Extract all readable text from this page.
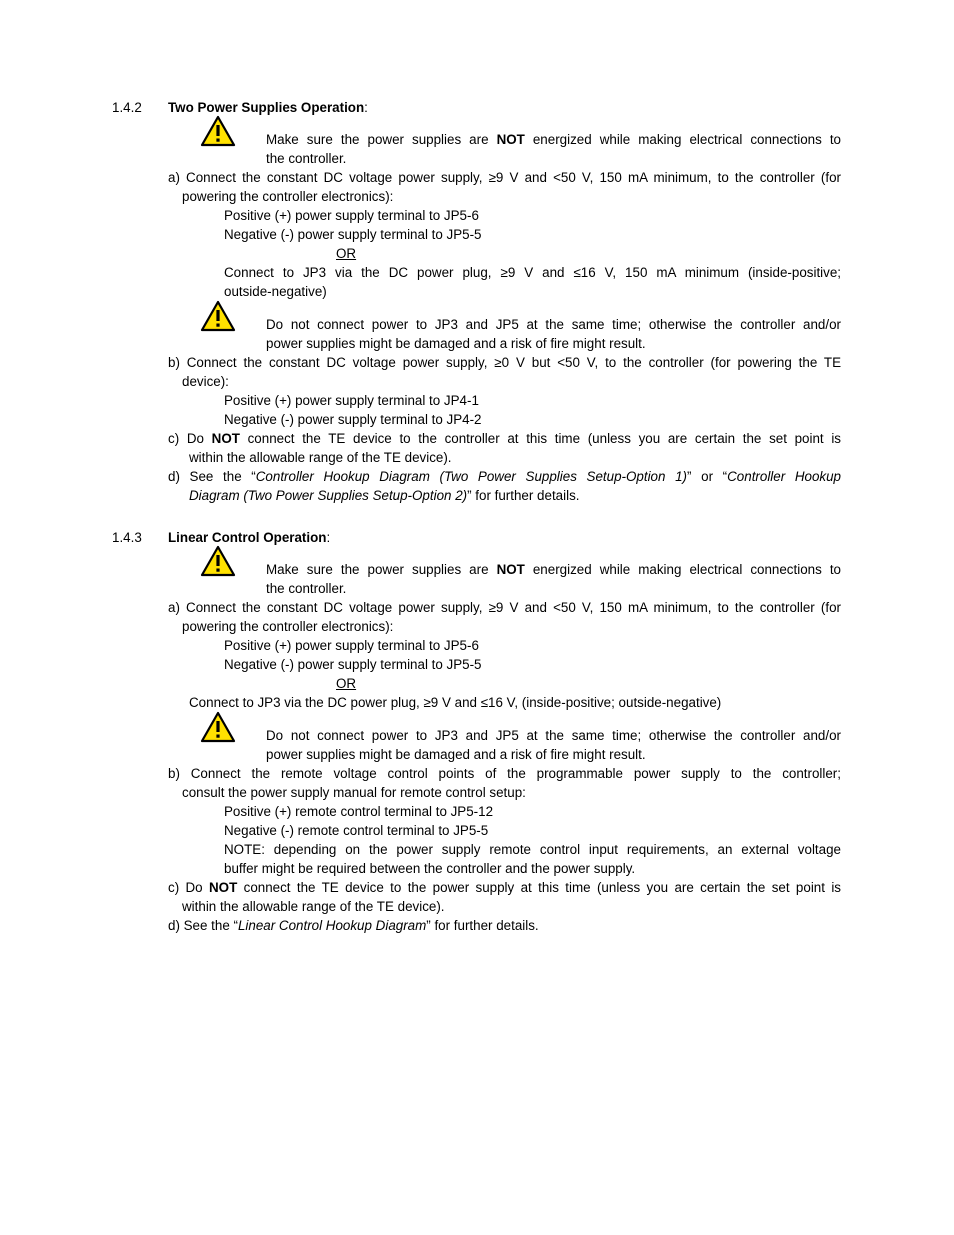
1.4.2 Two Power Supplies Operation:
Make sure the power supplies are NOT energized while making electrical connections to
the controller.
a) Connect the constant DC voltage power supply, ≥9 V and <50 V, 150 mA minimum, to the controller (for
powering the controller electronics):
Positive (+) power supply terminal to JP5-6
Negative (-) power supply terminal to JP5-5
OR
Connect to JP3 via the DC power plug, ≥9 V and ≤16 V, 150 mA minimum (inside-positive;
outside-negative)
Do not connect power to JP3 and JP5 at the same time; otherwise the controller and/or
power supplies might be damaged and a risk of fire might result.
b) Connect the constant DC voltage power supply, ≥0 V but <50 V, to the controller (for powering the TE
device):
Positive (+) power supply terminal to JP4-1
Negative (-) power supply terminal to JP4-2
c) Do NOT connect the TE device to the controller at this time (unless you are certain the set point is
within the allowable range of the TE device).
d) See the “Controller Hookup Diagram (Two Power Supplies Setup-Option 1)” or “Controller Hookup
Diagram (Two Power Supplies Setup-Option 2)” for further details.
1.4.3 Linear Control Operation:
Make sure the power supplies are NOT energized while making electrical connections to
the controller.
a) Connect the constant DC voltage power supply, ≥9 V and <50 V, 150 mA minimum, to the controller (for
powering the controller electronics):
Positive (+) power supply terminal to JP5-6
Negative (-) power supply terminal to JP5-5
OR
Connect to JP3 via the DC power plug, ≥9 V and ≤16 V, (inside-positive; outside-negative)
Do not connect power to JP3 and JP5 at the same time; otherwise the controller and/or
power supplies might be damaged and a risk of fire might result.
b) Connect the remote voltage control points of the programmable power supply to the controller;
consult the power supply manual for remote control setup:
Positive (+) remote control terminal to JP5-12
Negative (-) remote control terminal to JP5-5
NOTE: depending on the power supply remote control input requirements, an external voltage
buffer might be required between the controller and the power supply.
c) Do NOT connect the TE device to the power supply at this time (unless you are certain the set point is
within the allowable range of the TE device).
d) See the “Linear Control Hookup Diagram” for further details.
